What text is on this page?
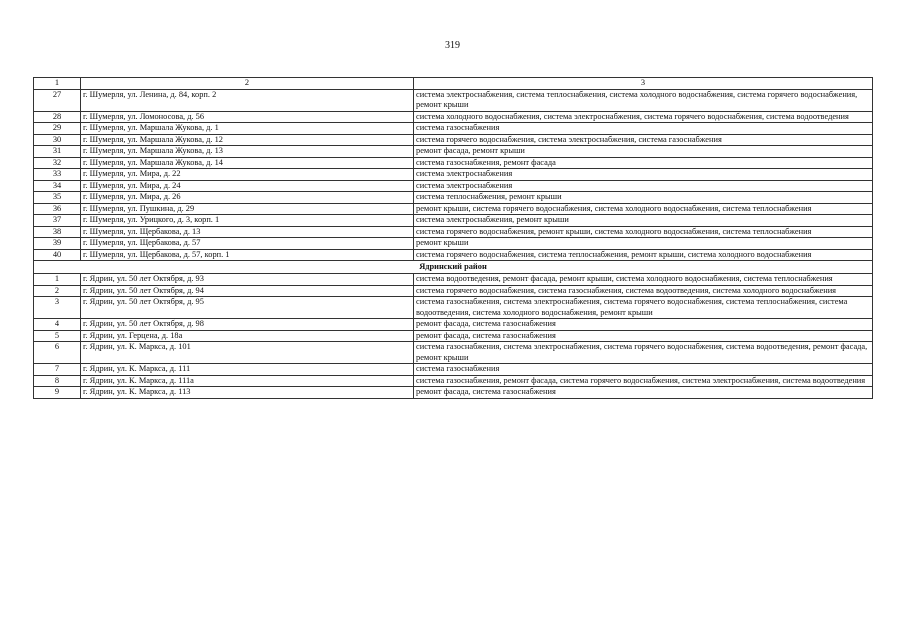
319
1	2	3
27	г. Шумерля, ул. Ленина, д. 84, корп. 2	система электроснабжения, система теплоснабжения, система холодного водоснабжения, система горячего водоснабжения, ремонт крыши
28	г. Шумерля, ул. Ломоносова, д. 56	система холодного водоснабжения, система электроснабжения, система горячего водоснабжения, система водоотведения
29	г. Шумерля, ул. Маршала Жукова, д. 1	система газоснабжения
30	г. Шумерля, ул. Маршала Жукова, д. 12	система горячего водоснабжения, система электроснабжения, система газоснабжения
31	г. Шумерля, ул. Маршала Жукова, д. 13	ремонт фасада, ремонт крыши
32	г. Шумерля, ул. Маршала Жукова, д. 14	система газоснабжения, ремонт фасада
33	г. Шумерля, ул. Мира, д. 22	система электроснабжения
34	г. Шумерля, ул. Мира, д. 24	система электроснабжения
35	г. Шумерля, ул. Мира, д. 26	система теплоснабжения, ремонт крыши
36	г. Шумерля, ул. Пушкина, д. 29	ремонт крыши, система горячего водоснабжения, система холодного водоснабжения, система теплоснабжения
37	г. Шумерля, ул. Урицкого, д. 3, корп. 1	система электроснабжения, ремонт крыши
38	г. Шумерля, ул. Щербакова, д. 13	система горячего водоснабжения, ремонт крыши, система холодного водоснабжения, система теплоснабжения
39	г. Шумерля, ул. Щербакова, д. 57	ремонт крыши
40	г. Шумерля, ул. Щербакова, д. 57, корп. 1	система горячего водоснабжения, система теплоснабжения, ремонт крыши, система холодного водоснабжения
Ядринский район		
1	г. Ядрин, ул. 50 лет Октября, д. 93	система водоотведения, ремонт фасада, ремонт крыши, система холодного водоснабжения, система теплоснабжения
2	г. Ядрин, ул. 50 лет Октября, д. 94	система горячего водоснабжения, система газоснабжения, система водоотведения, система холодного водоснабжения
3	г. Ядрин, ул. 50 лет Октября, д. 95	система газоснабжения, система электроснабжения, система горячего водоснабжения, система теплоснабжения, система водоотведения, система холодного водоснабжения, ремонт крыши
4	г. Ядрин, ул. 50 лет Октября, д. 98	ремонт фасада, система газоснабжения
5	г. Ядрин, ул. Герцена, д. 18а	ремонт фасада, система газоснабжения
6	г. Ядрин, ул. К. Маркса, д. 101	система газоснабжения, система электроснабжения, система горячего водоснабжения, система водоотведения, ремонт фасада, ремонт крыши
7	г. Ядрин, ул. К. Маркса, д. 111	система газоснабжения
8	г. Ядрин, ул. К. Маркса, д. 111а	система газоснабжения, ремонт фасада, система горячего водоснабжения, система электроснабжения, система водоотведения
9	г. Ядрин, ул. К. Маркса, д. 113	ремонт фасада, система газоснабжения
